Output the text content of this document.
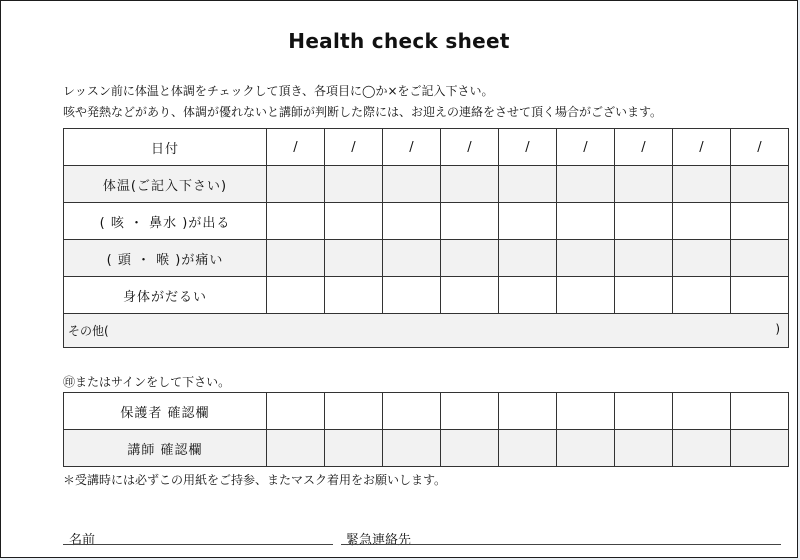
Health check sheet
レッスン前に体温と体調をチェックして頂き、各項目に◯か×をご記入下さい。
咳や発熱などがあり、体調が優れないと講師が判断した際には、お迎えの連絡をさせて頂く場合がございます。
日付	/	/	/	/	/	/	/	/	/
体温(ご記入下さい)									
( 咳 ・ 鼻水 )が出る									
( 頭 ・ 喉 )が痛い									
身体がだるい									

その他( )									
㊞またはサインをして下さい。
保護者 確認欄									
講師 確認欄									
＊受講時には必ずこの用紙をご持参、またマスク着用をお願いします。
名前	緊急連絡先
